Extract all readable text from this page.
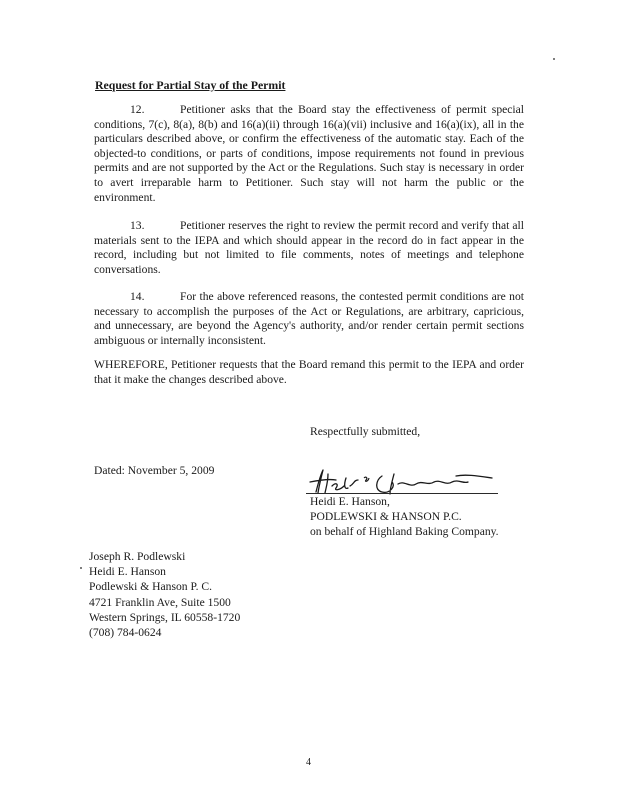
Request for Partial Stay of the Permit
12.	Petitioner asks that the Board stay the effectiveness of permit special conditions, 7(c), 8(a), 8(b) and 16(a)(ii) through 16(a)(vii) inclusive and 16(a)(ix), all in the particulars described above, or confirm the effectiveness of the automatic stay. Each of the objected-to conditions, or parts of conditions, impose requirements not found in previous permits and are not supported by the Act or the Regulations. Such stay is necessary in order to avert irreparable harm to Petitioner. Such stay will not harm the public or the environment.
13.	Petitioner reserves the right to review the permit record and verify that all materials sent to the IEPA and which should appear in the record do in fact appear in the record, including but not limited to file comments, notes of meetings and telephone conversations.
14.	For the above referenced reasons, the contested permit conditions are not necessary to accomplish the purposes of the Act or Regulations, are arbitrary, capricious, and unnecessary, are beyond the Agency's authority, and/or render certain permit sections ambiguous or internally inconsistent.
WHEREFORE, Petitioner requests that the Board remand this permit to the IEPA and order that it make the changes described above.
Respectfully submitted,
Dated: November 5, 2009
Heidi E. Hanson,
PODLEWSKI & HANSON P.C.
on behalf of Highland Baking Company.
Joseph R. Podlewski
Heidi E. Hanson
Podlewski & Hanson P. C.
4721 Franklin Ave, Suite 1500
Western Springs, IL 60558-1720
(708) 784-0624
4
